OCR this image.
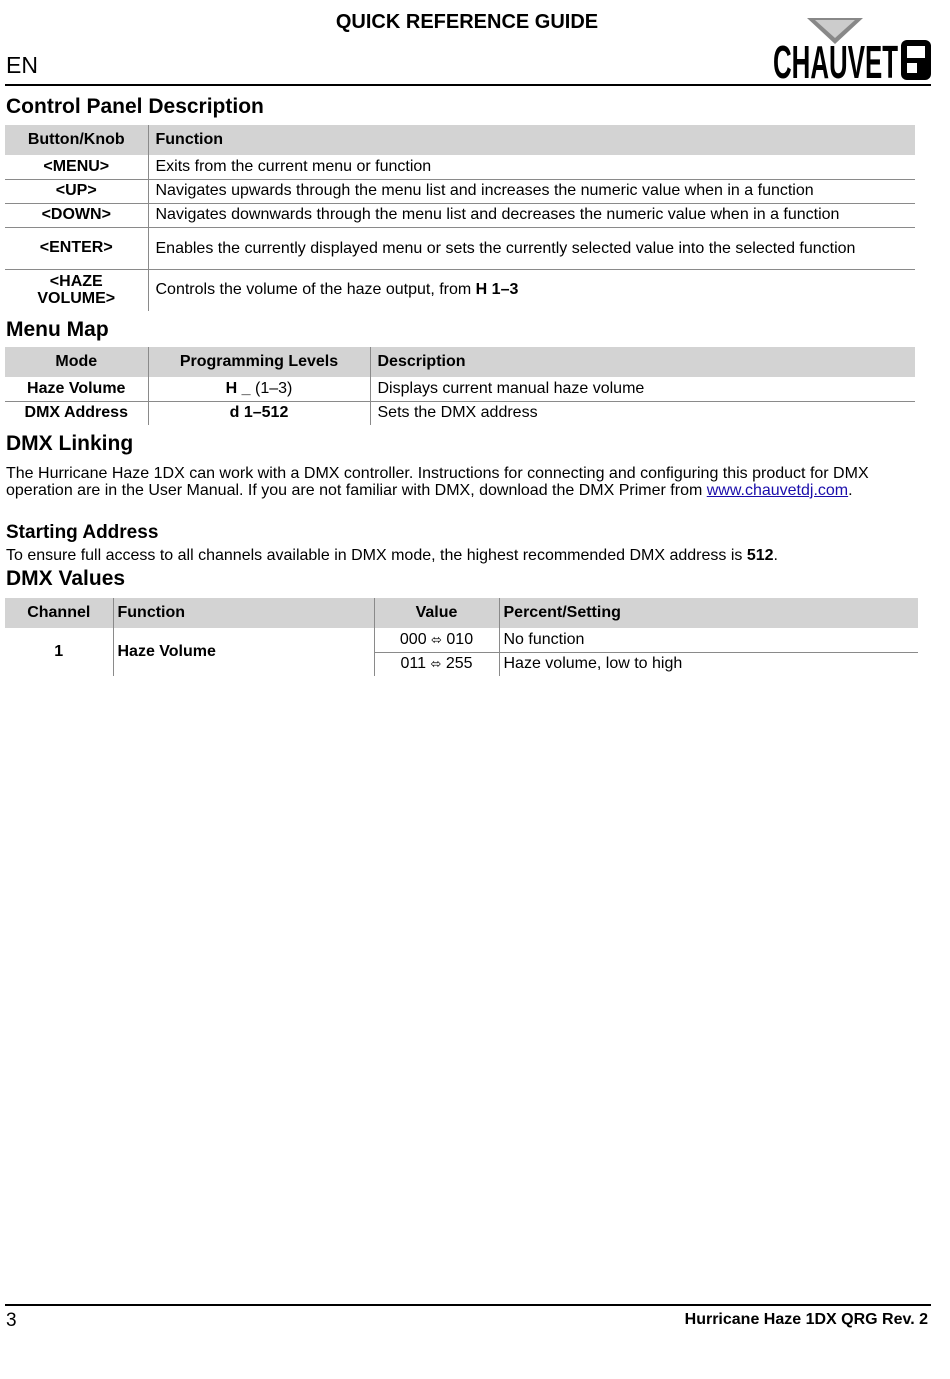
QUICK REFERENCE GUIDE
EN	CHAUVET
Control Panel Description
Button/Knob	Function
<MENU>	Exits from the current menu or function
<UP>	Navigates upwards through the menu list and increases the numeric value when in a function
<DOWN>	Navigates downwards through the menu list and decreases the numeric value when in a function
<ENTER>	Enables the currently displayed menu or sets the currently selected value into the selected function
<HAZE VOLUME>	Controls the volume of the haze output, from H 1–3
Menu Map
Mode	Programming Levels	Description
Haze Volume	H _ (1–3)	Displays current manual haze volume
DMX Address	d 1–512	Sets the DMX address
DMX Linking
The Hurricane Haze 1DX can work with a DMX controller. Instructions for connecting and configuring this product for DMX operation are in the User Manual. If you are not familiar with DMX, download the DMX Primer from www.chauvetdj.com.
Starting Address
To ensure full access to all channels available in DMX mode, the highest recommended DMX address is 512.
DMX Values
Channel	Function	Value	Percent/Setting
1	Haze Volume	000 ⬄ 010	No function
		011 ⬄ 255	Haze volume, low to high
3	Hurricane Haze 1DX QRG Rev. 2
